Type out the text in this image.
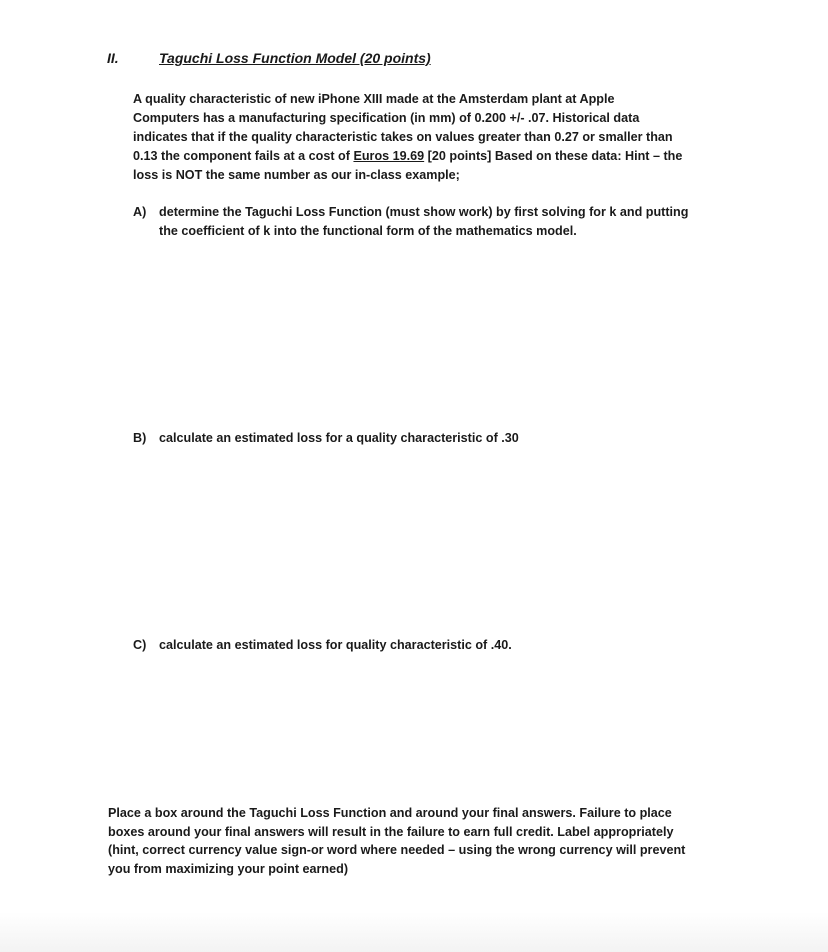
II.	Taguchi Loss Function Model (20 points)
A quality characteristic of new iPhone XIII made at the Amsterdam plant at Apple
Computers has a manufacturing specification (in mm) of 0.200 +/- .07. Historical data
indicates that if the quality characteristic takes on values greater than 0.27 or smaller than
0.13 the component fails at a cost of Euros 19.69 [20 points] Based on these data: Hint – the
loss is NOT the same number as our in-class example;
A) determine the Taguchi Loss Function (must show work) by first solving for k and putting
the coefficient of k into the functional form of the mathematics model.
B) calculate an estimated loss for a quality characteristic of .30
C) calculate an estimated loss for quality characteristic of .40.
Place a box around the Taguchi Loss Function and around your final answers. Failure to place
boxes around your final answers will result in the failure to earn full credit. Label appropriately
(hint, correct currency value sign-or word where needed – using the wrong currency will prevent
you from maximizing your point earned)
